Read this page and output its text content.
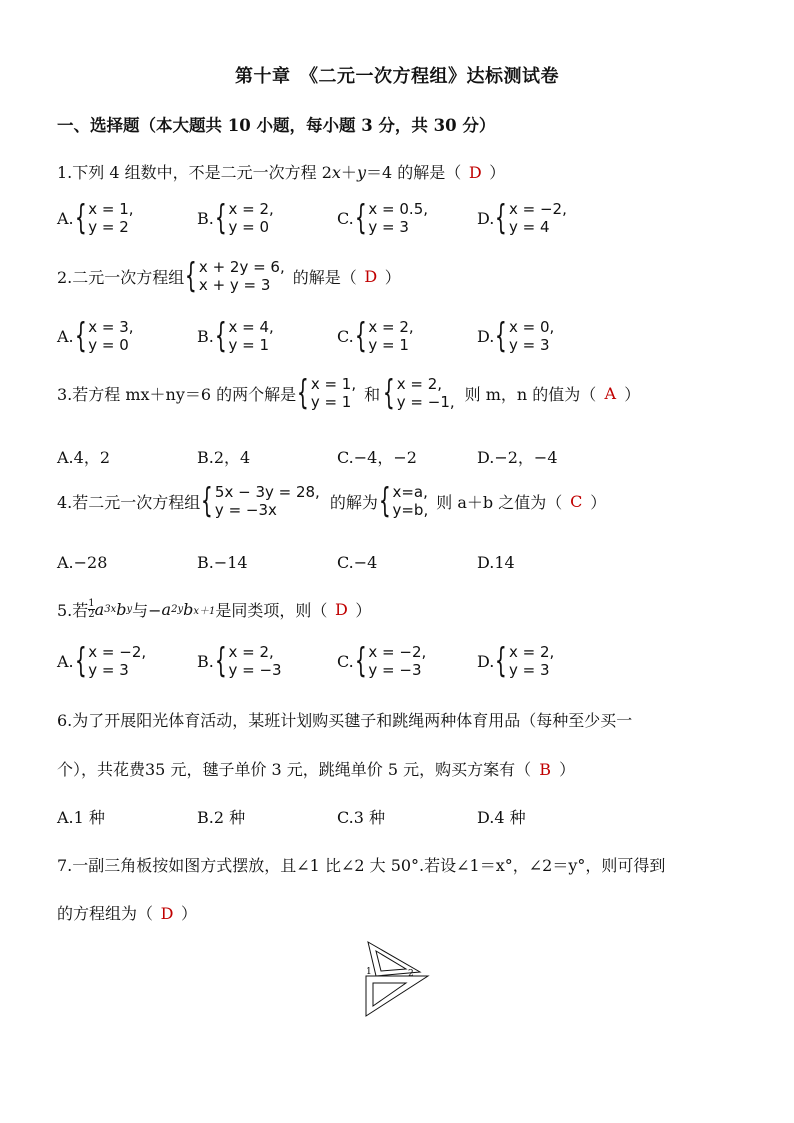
第十章　《二元一次方程组》达标测试卷
一、选择题（本大题共 10 小题，每小题 3 分，共 30 分）
1.下列 4 组数中，不是二元一次方程 2x＋y＝4 的解是（ D ）
A. { x = 1,
y = 2	B. { x = 2,
y = 0	C. { x = 0.5,
y = 3	D. { x = −2,
y = 4
2.二元一次方程组 { x + 2y = 6,
x + y = 3	的解是（ D ）
A. { x = 3,
y = 0	B. { x = 4,
y = 1	C. { x = 2,
y = 1	D. { x = 0,
y = 3
3.若方程 mx＋ny＝6 的两个解是 { x = 1,
y = 1 和 { x = 2,
y = −1, 则 m，n 的值为（ A ）
A.4，2	B.2，4	C.−4，−2	D.−2，−4
4.若二元一次方程组 { 5x − 3y = 28,
y = −3x	的解为 { x=a,
y=b, 则 a＋b 之值为（ C ）
A.−28	B.−14	C.−4	D.14
5.若 $\frac{1}{2}$ a 3x b y 与− a 2y b x＋1 是同类项，则（ D ）
A. { x = −2,
y = 3	B. { x = 2,
y = −3	C. { x = −2,
y = −3	D. { x = 2,
y = 3
6.为了开展阳光体育活动，某班计划购买毽子和跳绳两种体育用品（每种至少买一
个），共花费35 元，毽子单价 3 元，跳绳单价 5 元，购买方案有（ B ）
A.1 种	B.2 种	C.3 种	D.4 种
7.一副三角板按如图方式摆放，且∠1 比∠2 大 50°.若设∠1＝x°，∠2＝y°，则可得到
的方程组为（ D ）
1	2
